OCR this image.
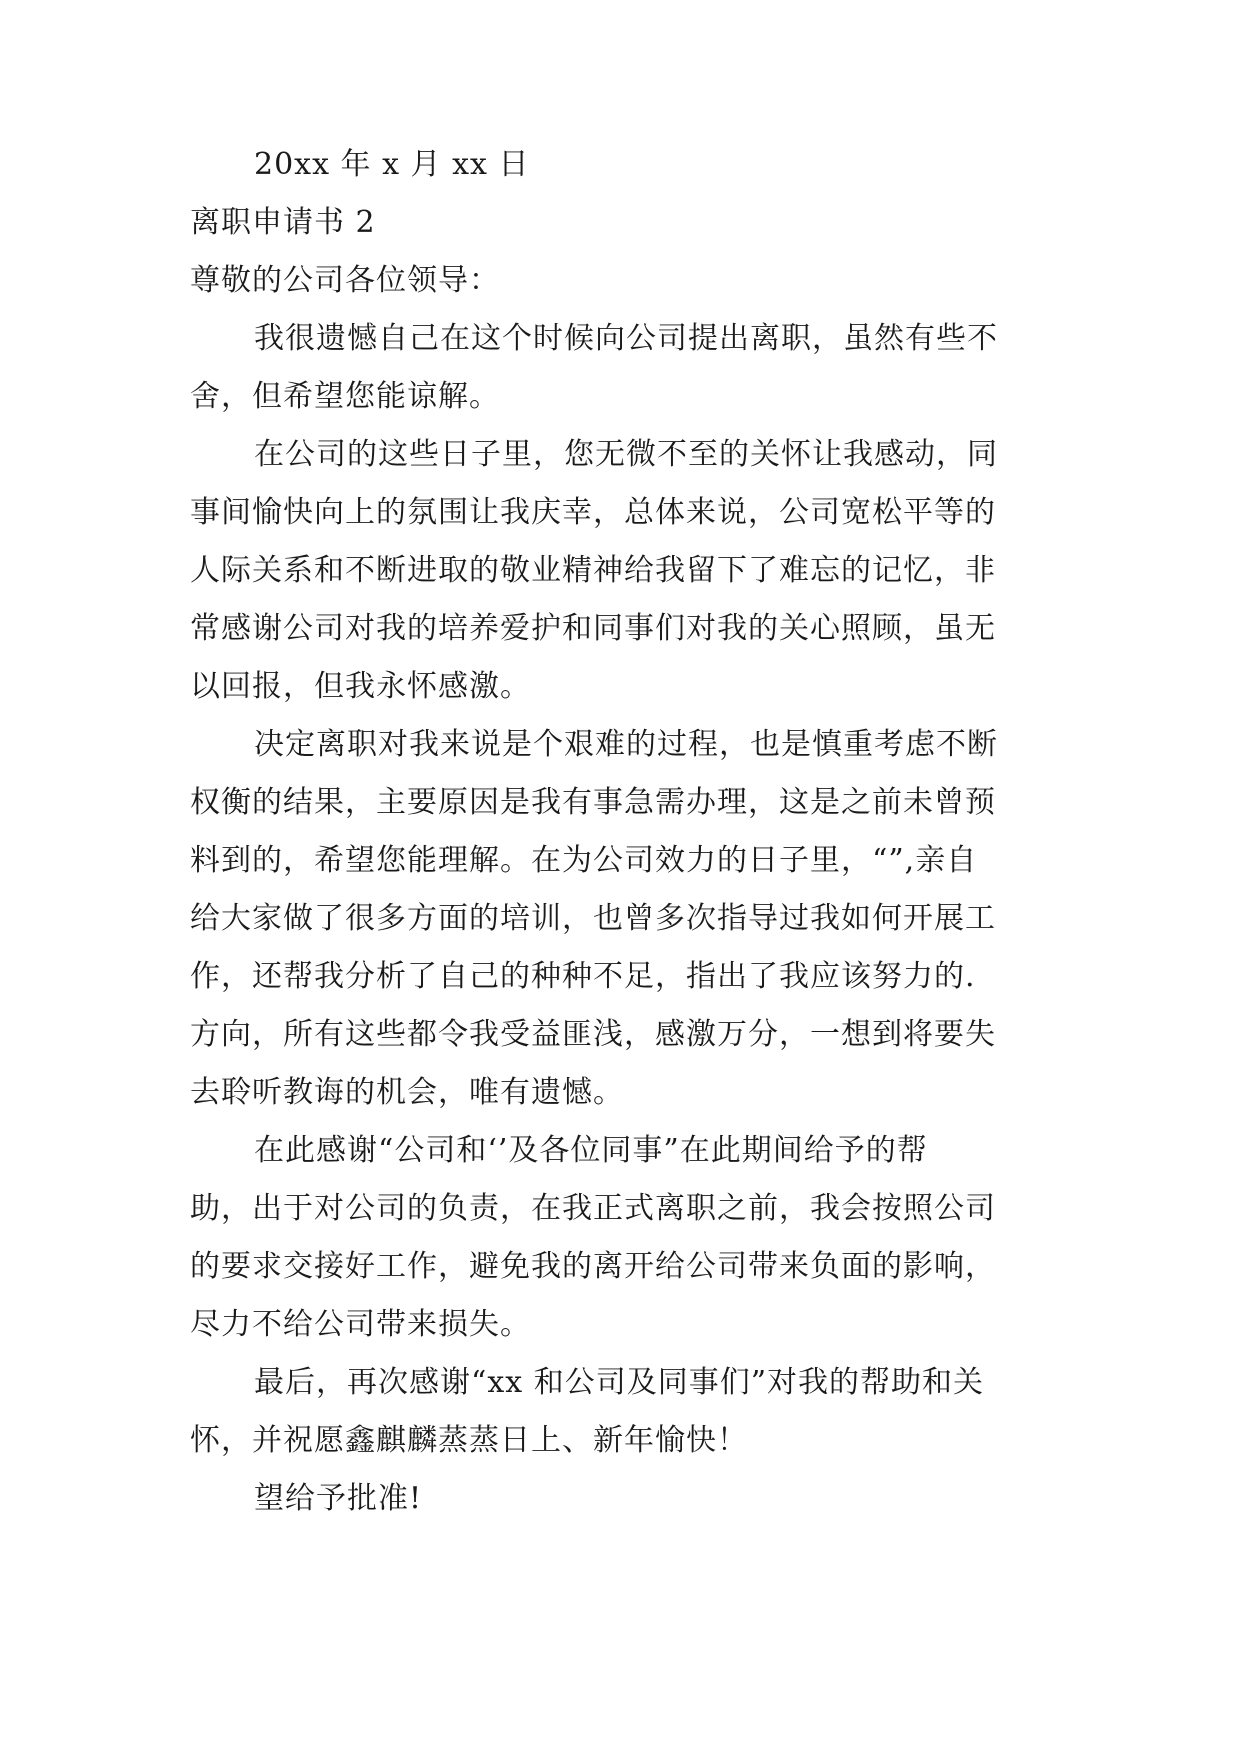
20xx 年 x 月 xx 日
离职申请书 2
尊敬的公司各位领导：
我很遗憾自己在这个时候向公司提出离职，虽然有些不
舍，但希望您能谅解。
在公司的这些日子里，您无微不至的关怀让我感动，同
事间愉快向上的氛围让我庆幸，总体来说，公司宽松平等的
人际关系和不断进取的敬业精神给我留下了难忘的记忆，非
常感谢公司对我的培养爱护和同事们对我的关心照顾，虽无
以回报，但我永怀感激。
决定离职对我来说是个艰难的过程，也是慎重考虑不断
权衡的结果，主要原因是我有事急需办理，这是之前未曾预
料到的，希望您能理解。在为公司效力的日子里，“”,亲自
给大家做了很多方面的培训，也曾多次指导过我如何开展工
作，还帮我分析了自己的种种不足，指出了我应该努力的.
方向，所有这些都令我受益匪浅，感激万分，一想到将要失
去聆听教诲的机会，唯有遗憾。
在此感谢“公司和‘’及各位同事”在此期间给予的帮
助，出于对公司的负责，在我正式离职之前，我会按照公司
的要求交接好工作，避免我的离开给公司带来负面的影响，
尽力不给公司带来损失。
最后，再次感谢“xx 和公司及同事们”对我的帮助和关
怀，并祝愿鑫麒麟蒸蒸日上、新年愉快！
望给予批准!
